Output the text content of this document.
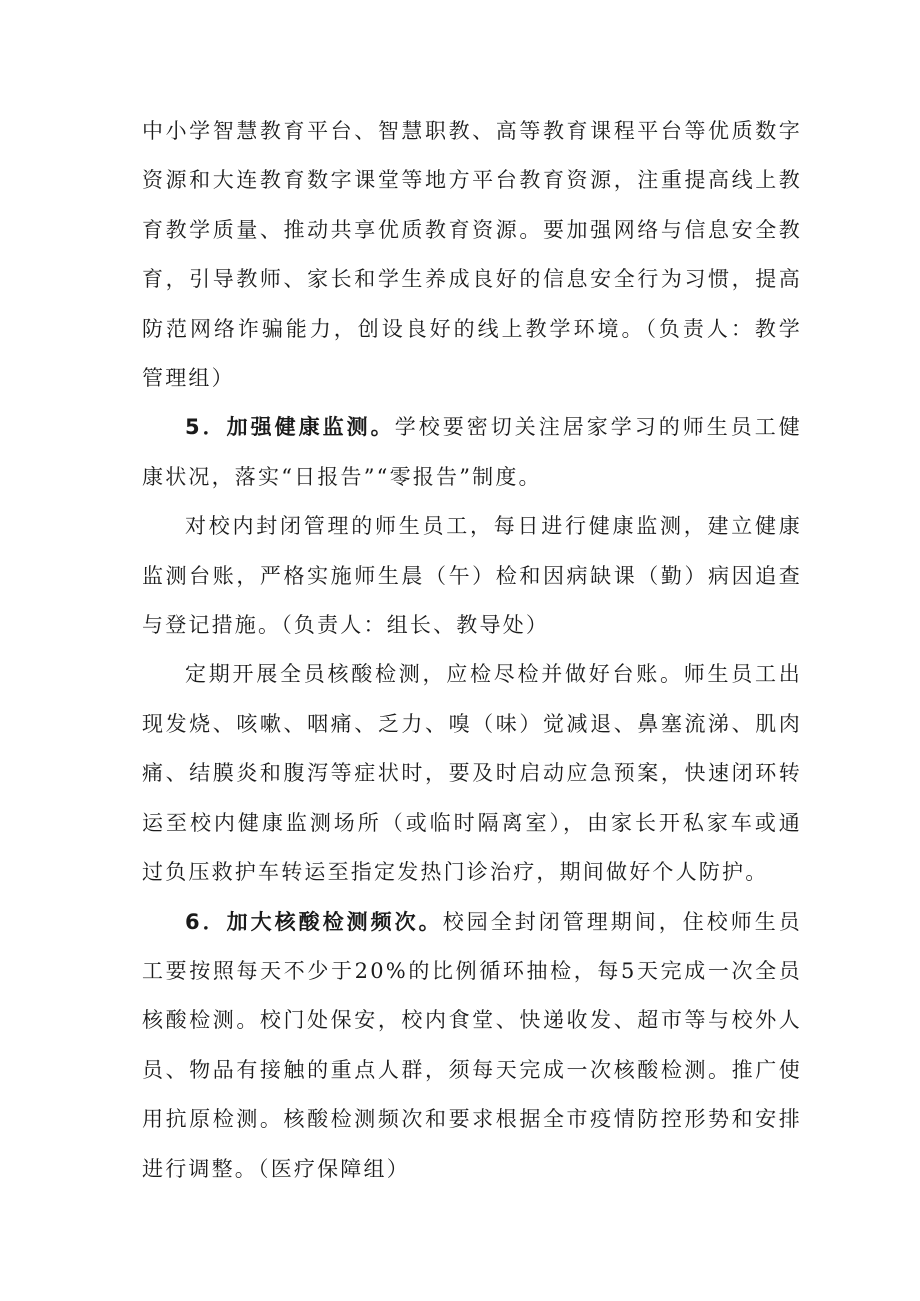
中小学智慧教育平台、智慧职教、高等教育课程平台等优质数字资源和大连教育数字课堂等地方平台教育资源，注重提高线上教育教学质量、推动共享优质教育资源。要加强网络与信息安全教育，引导教师、家长和学生养成良好的信息安全行为习惯，提高防范网络诈骗能力，创设良好的线上教学环境。（负责人：教学管理组）

5．加强健康监测。学校要密切关注居家学习的师生员工健康状况，落实“日报告”“零报告”制度。

对校内封闭管理的师生员工，每日进行健康监测，建立健康监测台账，严格实施师生晨（午）检和因病缺课（勤）病因追查与登记措施。（负责人：组长、教导处）

定期开展全员核酸检测，应检尽检并做好台账。师生员工出现发烧、咳嗽、咽痛、乏力、嗅（味）觉减退、鼻塞流涕、肌肉痛、结膜炎和腹泻等症状时，要及时启动应急预案，快速闭环转运至校内健康监测场所（或临时隔离室），由家长开私家车或通过负压救护车转运至指定发热门诊治疗，期间做好个人防护。

6．加大核酸检测频次。校园全封闭管理期间，住校师生员工要按照每天不少于20%的比例循环抽检，每5天完成一次全员核酸检测。校门处保安，校内食堂、快递收发、超市等与校外人员、物品有接触的重点人群，须每天完成一次核酸检测。推广使用抗原检测。核酸检测频次和要求根据全市疫情防控形势和安排进行调整。（医疗保障组）
